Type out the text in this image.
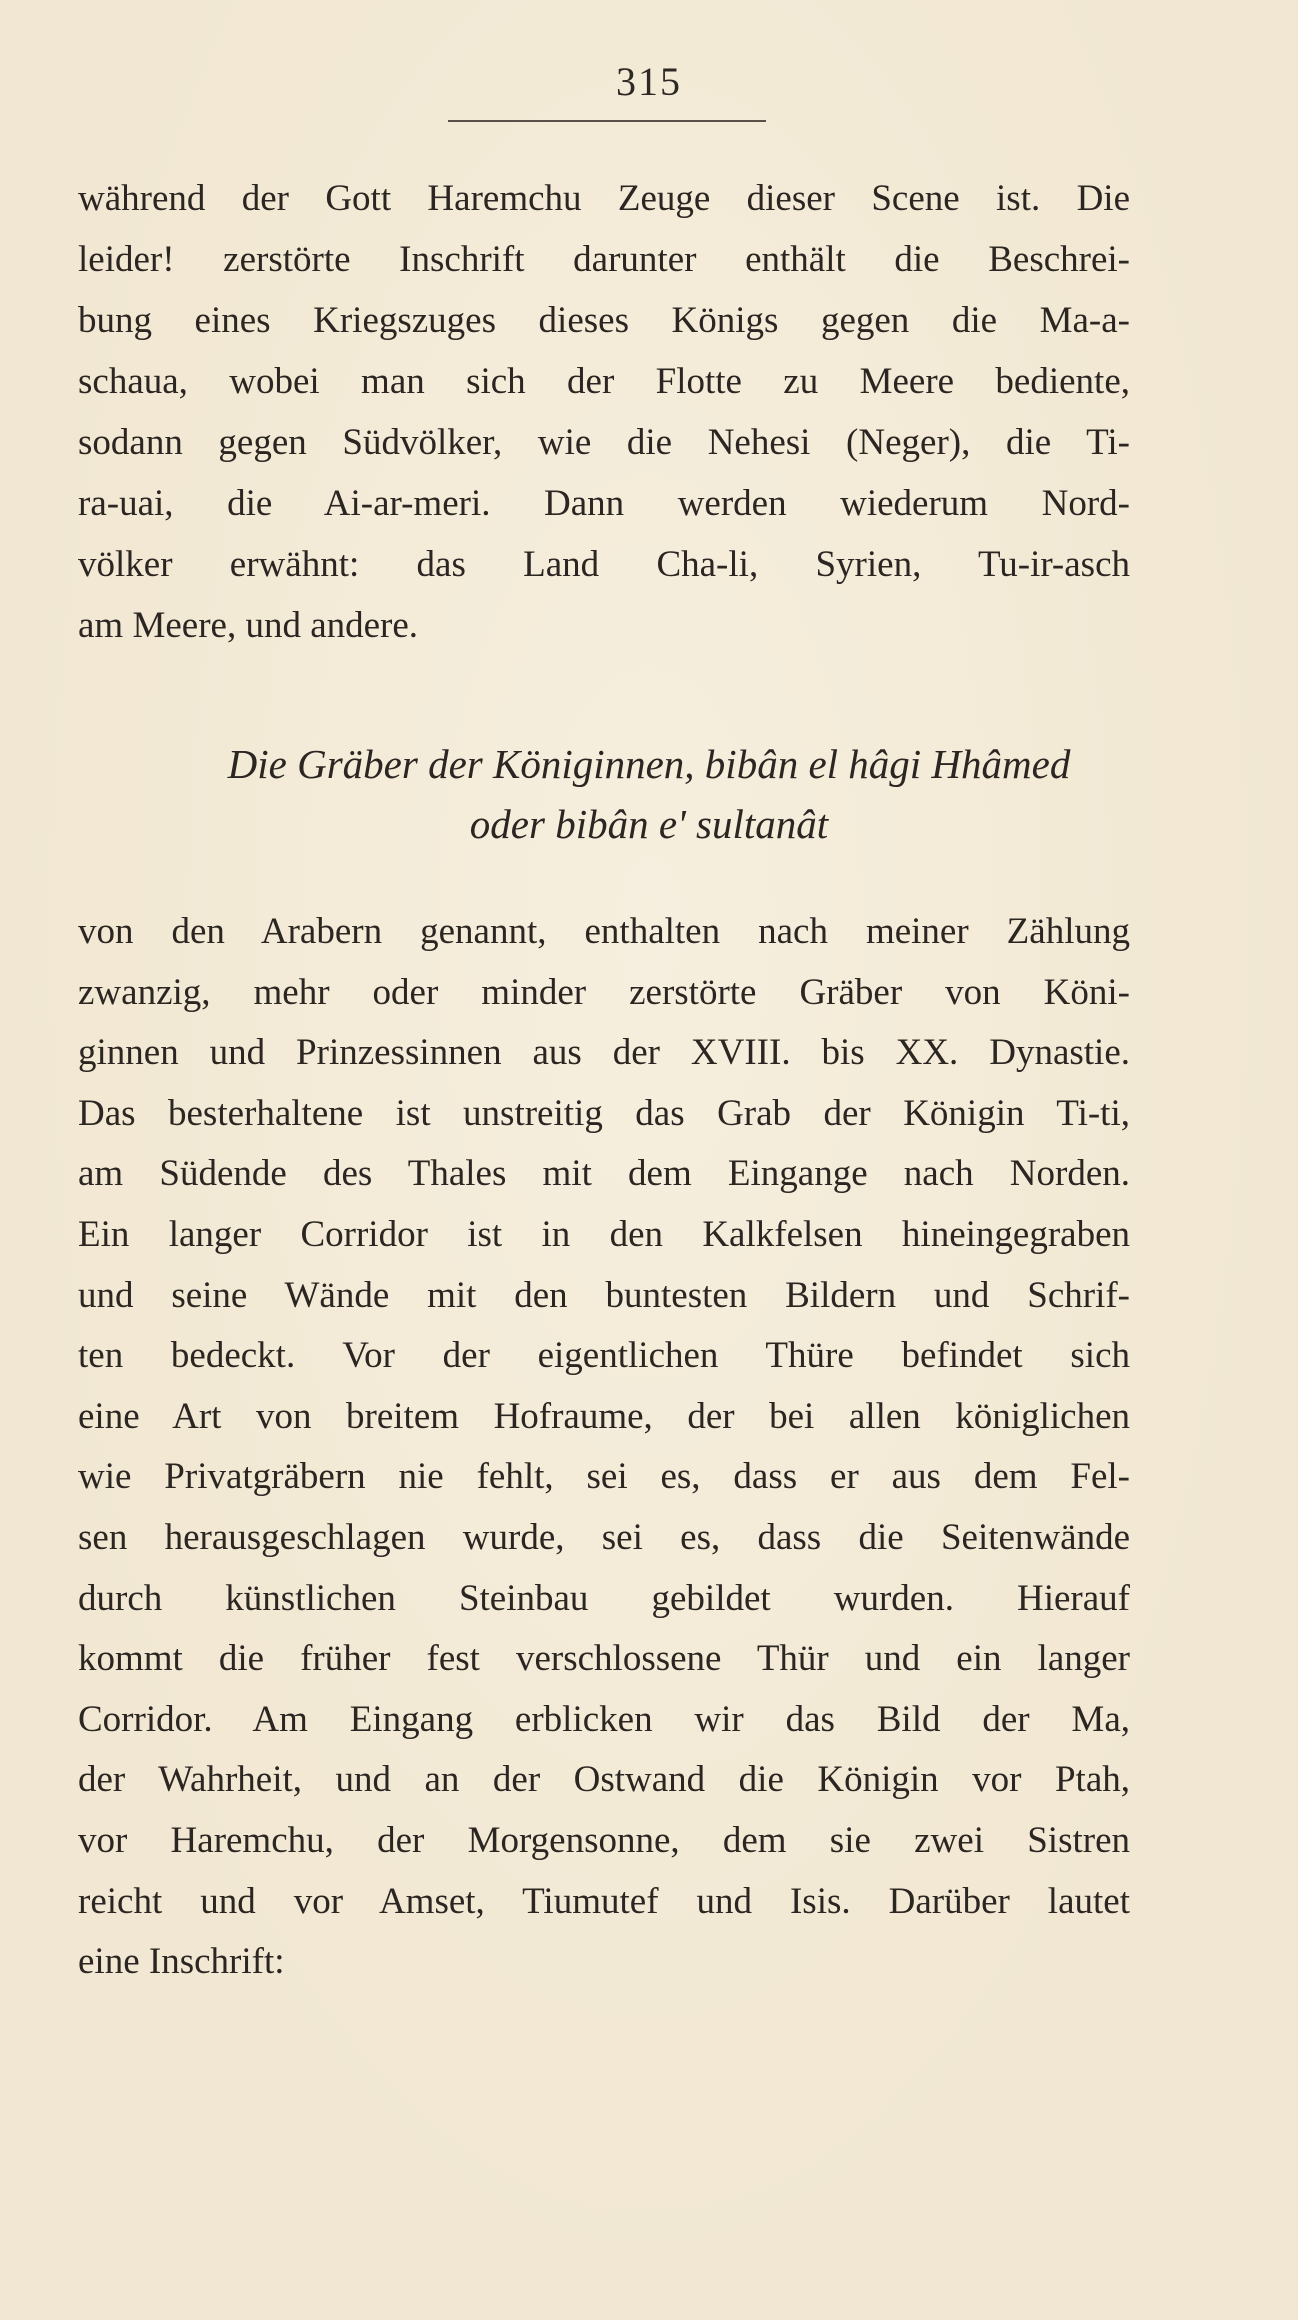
315
während der Gott Haremchu Zeuge dieser Scene ist. Die
leider! zerstörte Inschrift darunter enthält die Beschrei-
bung eines Kriegszuges dieses Königs gegen die Ma-a-
schaua, wobei man sich der Flotte zu Meere bediente,
sodann gegen Südvölker, wie die Nehesi (Neger), die Ti-
ra-uai, die Ai-ar-meri. Dann werden wiederum Nord-
völker erwähnt: das Land Cha-li, Syrien, Tu-ir-asch
am Meere, und andere.
Die Gräber der Königinnen, bibân el hâgi Hhâmed
oder bibân e' sultanât
von den Arabern genannt, enthalten nach meiner Zählung
zwanzig, mehr oder minder zerstörte Gräber von Köni-
ginnen und Prinzessinnen aus der XVIII. bis XX. Dynastie.
Das besterhaltene ist unstreitig das Grab der Königin Ti-ti,
am Südende des Thales mit dem Eingange nach Norden.
Ein langer Corridor ist in den Kalkfelsen hineingegraben
und seine Wände mit den buntesten Bildern und Schrif-
ten bedeckt. Vor der eigentlichen Thüre befindet sich
eine Art von breitem Hofraume, der bei allen königlichen
wie Privatgräbern nie fehlt, sei es, dass er aus dem Fel-
sen herausgeschlagen wurde, sei es, dass die Seitenwände
durch künstlichen Steinbau gebildet wurden. Hierauf
kommt die früher fest verschlossene Thür und ein langer
Corridor. Am Eingang erblicken wir das Bild der Ma,
der Wahrheit, und an der Ostwand die Königin vor Ptah,
vor Haremchu, der Morgensonne, dem sie zwei Sistren
reicht und vor Amset, Tiumutef und Isis. Darüber lautet
eine Inschrift:
